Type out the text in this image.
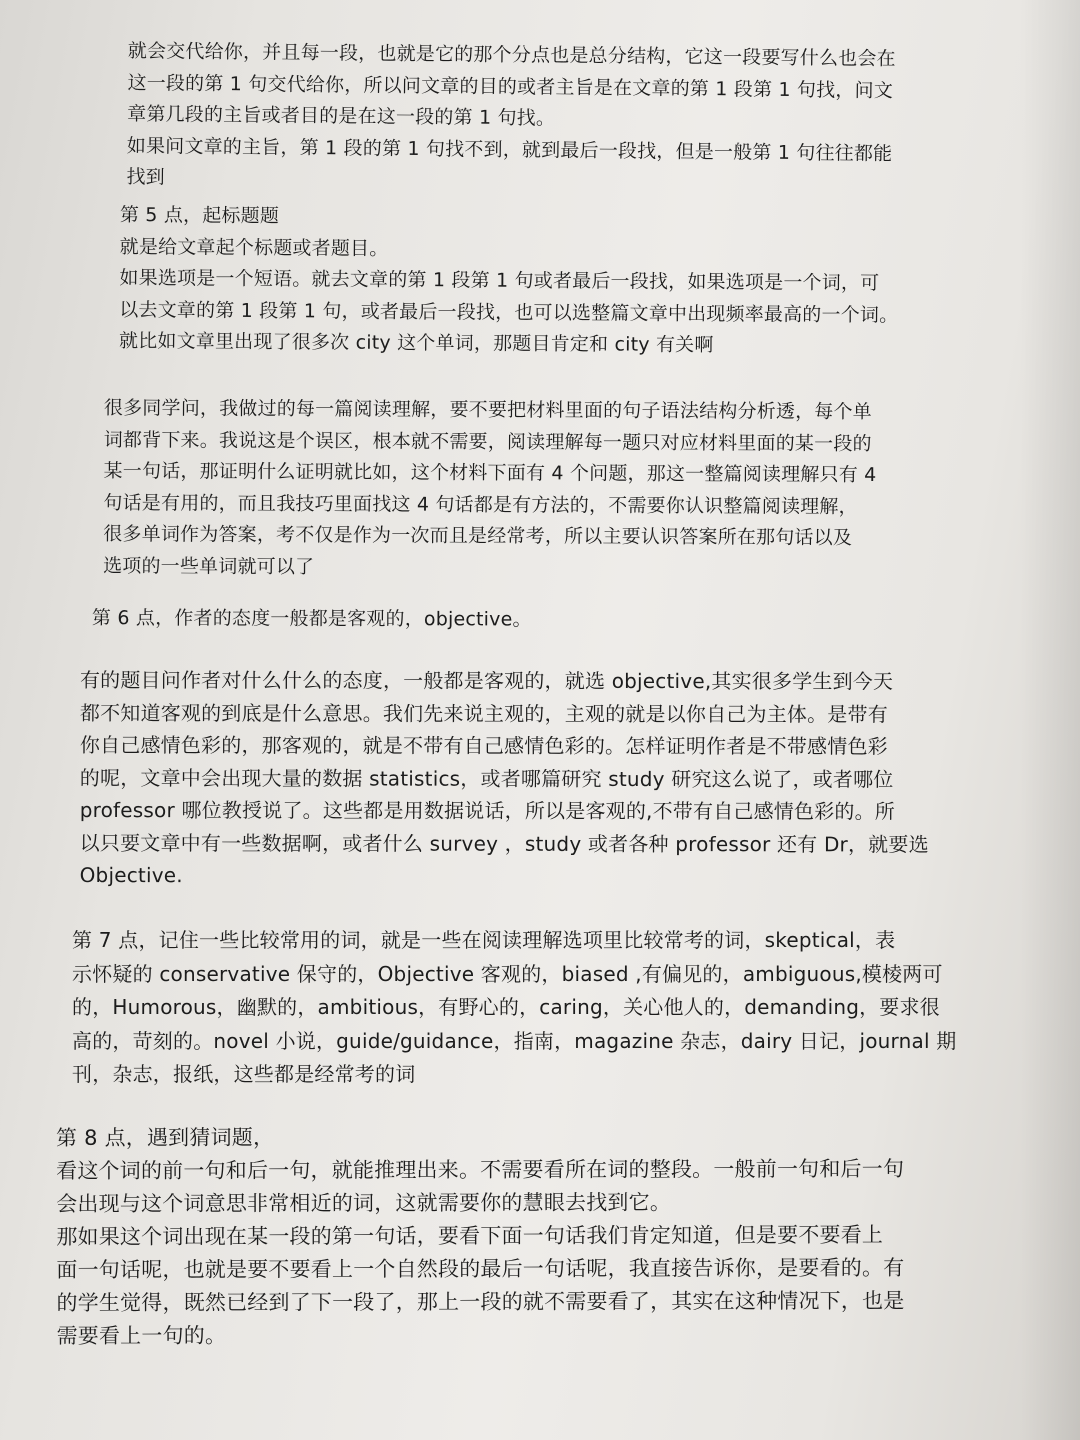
就会交代给你，并且每一段，也就是它的那个分点也是总分结构，它这一段要写什么也会在

这一段的第 1 句交代给你，所以问文章的目的或者主旨是在文章的第 1 段第 1 句找，问文

章第几段的主旨或者目的是在这一段的第 1 句找。

如果问文章的主旨，第 1 段的第 1 句找不到，就到最后一段找，但是一般第 1 句往往都能

找到

第 5 点，起标题题

就是给文章起个标题或者题目。

如果选项是一个短语。就去文章的第 1 段第 1 句或者最后一段找，如果选项是一个词，可

以去文章的第 1 段第 1 句，或者最后一段找，也可以选整篇文章中出现频率最高的一个词。

就比如文章里出现了很多次 city 这个单词，那题目肯定和 city 有关啊

很多同学问，我做过的每一篇阅读理解，要不要把材料里面的句子语法结构分析透，每个单

词都背下来。我说这是个误区，根本就不需要，阅读理解每一题只对应材料里面的某一段的

某一句话，那证明什么证明就比如，这个材料下面有 4 个问题，那这一整篇阅读理解只有 4

句话是有用的，而且我技巧里面找这 4 句话都是有方法的，不需要你认识整篇阅读理解，

很多单词作为答案，考不仅是作为一次而且是经常考，所以主要认识答案所在那句话以及

选项的一些单词就可以了

第 6 点，作者的态度一般都是客观的，objective。

有的题目问作者对什么什么的态度，一般都是客观的，就选 objective,其实很多学生到今天

都不知道客观的到底是什么意思。我们先来说主观的，主观的就是以你自己为主体。是带有

你自己感情色彩的，那客观的，就是不带有自己感情色彩的。怎样证明作者是不带感情色彩

的呢，文章中会出现大量的数据 statistics，或者哪篇研究 study 研究这么说了，或者哪位

professor 哪位教授说了。这些都是用数据说话，所以是客观的,不带有自己感情色彩的。所

以只要文章中有一些数据啊，或者什么 survey ，study 或者各种 professor 还有 Dr，就要选

Objective.

第 7 点，记住一些比较常用的词，就是一些在阅读理解选项里比较常考的词，skeptical，表

示怀疑的 conservative 保守的，Objective 客观的，biased ,有偏见的，ambiguous,模棱两可

的，Humorous，幽默的，ambitious，有野心的，caring，关心他人的，demanding，要求很

高的，苛刻的。novel 小说，guide/guidance，指南，magazine 杂志，dairy 日记，journal 期

刊，杂志，报纸，这些都是经常考的词

第 8 点，遇到猜词题，

看这个词的前一句和后一句，就能推理出来。不需要看所在词的整段。一般前一句和后一句

会出现与这个词意思非常相近的词，这就需要你的慧眼去找到它。

那如果这个词出现在某一段的第一句话，要看下面一句话我们肯定知道，但是要不要看上

面一句话呢，也就是要不要看上一个自然段的最后一句话呢，我直接告诉你，是要看的。有

的学生觉得，既然已经到了下一段了，那上一段的就不需要看了，其实在这种情况下，也是

需要看上一句的。
